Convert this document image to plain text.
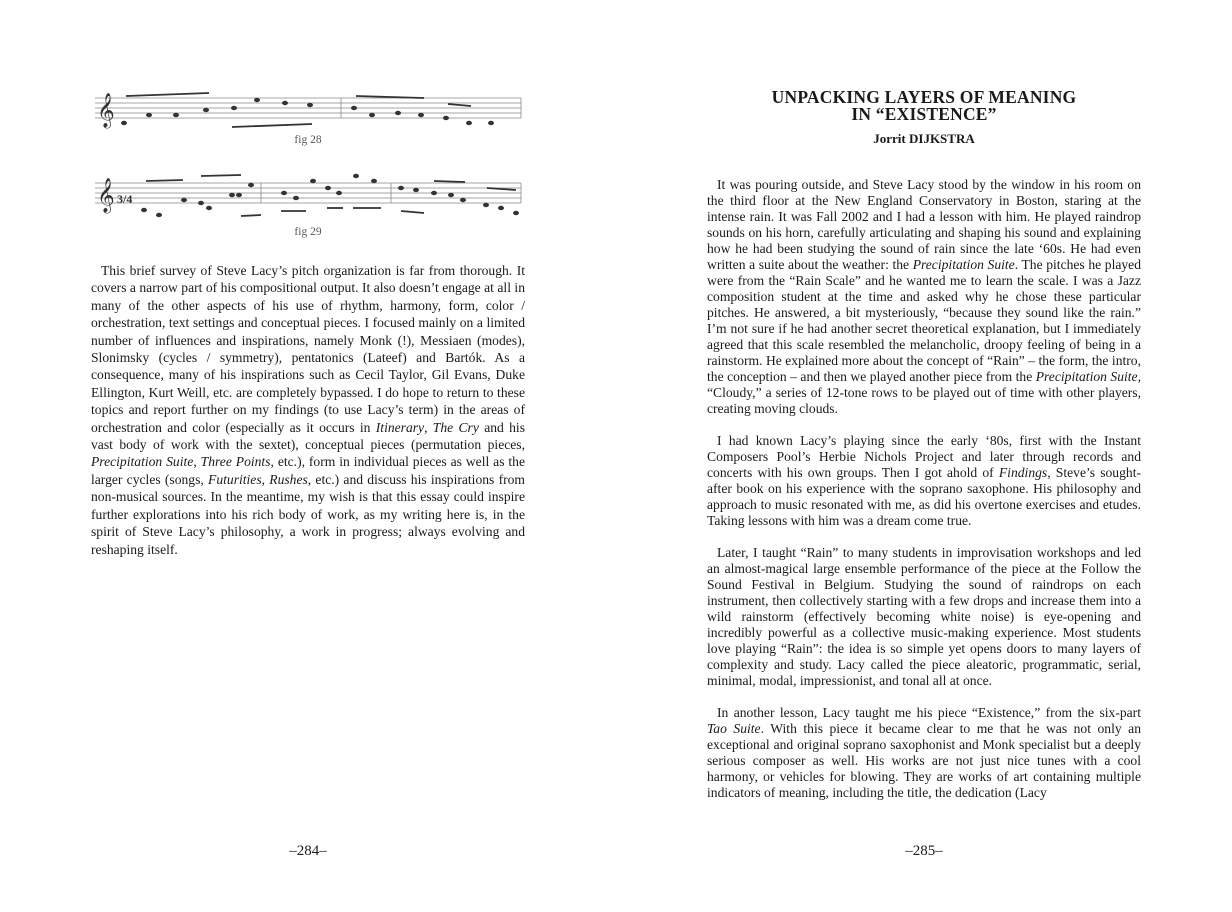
𝄞
fig 28
𝄞 3/4
fig 29

This brief survey of Steve Lacy’s pitch organization is far from thorough. It covers a narrow part of his compositional output. It also doesn’t engage at all in many of the other aspects of his use of rhythm, harmony, form, color / orchestration, text settings and conceptual pieces. I focused mainly on a limited number of influences and inspirations, namely Monk (!), Messiaen (modes), Slonimsky (cycles / symmetry), pentatonics (Lateef) and Bartók. As a consequence, many of his inspirations such as Cecil Taylor, Gil Evans, Duke Ellington, Kurt Weill, etc. are completely bypassed. I do hope to return to these topics and report further on my findings (to use Lacy’s term) in the areas of orchestration and color (especially as it occurs in Itinerary, The Cry and his vast body of work with the sextet), conceptual pieces (permutation pieces, Precipitation Suite, Three Points, etc.), form in individual pieces as well as the larger cycles (songs, Futurities, Rushes, etc.) and discuss his inspirations from non-musical sources. In the meantime, my wish is that this essay could inspire further explorations into his rich body of work, as my writing here is, in the spirit of Steve Lacy’s philosophy, a work in progress; always evolving and reshaping itself.

–284–
UNPACKING LAYERS OF MEANING
IN “EXISTENCE”
Jorrit DIJKSTRA

It was pouring outside, and Steve Lacy stood by the window in his room on the third floor at the New England Conservatory in Boston, staring at the intense rain. It was Fall 2002 and I had a lesson with him. He played raindrop sounds on his horn, carefully articulating and shaping his sound and explaining how he had been studying the sound of rain since the late ‘60s. He had even written a suite about the weather: the Precipitation Suite. The pitches he played were from the “Rain Scale” and he wanted me to learn the scale. I was a Jazz composition student at the time and asked why he chose these particular pitches. He answered, a bit mysteriously, “because they sound like the rain.” I’m not sure if he had another secret theoretical explanation, but I immediately agreed that this scale resembled the melancholic, droopy feeling of being in a rainstorm. He explained more about the concept of “Rain” – the form, the intro, the conception – and then we played another piece from the Precipitation Suite, “Cloudy,” a series of 12-tone rows to be played out of time with other players, creating moving clouds.

I had known Lacy’s playing since the early ‘80s, first with the Instant Composers Pool’s Herbie Nichols Project and later through records and concerts with his own groups. Then I got ahold of Findings, Steve’s sought-after book on his experience with the soprano saxophone. His philosophy and approach to music resonated with me, as did his overtone exercises and etudes. Taking lessons with him was a dream come true.

Later, I taught “Rain” to many students in improvisation workshops and led an almost-magical large ensemble performance of the piece at the Follow the Sound Festival in Belgium. Studying the sound of raindrops on each instrument, then collectively starting with a few drops and increase them into a wild rainstorm (effectively becoming white noise) is eye-opening and incredibly powerful as a collective music-making experience. Most students love playing “Rain”: the idea is so simple yet opens doors to many layers of complexity and study. Lacy called the piece aleatoric, programmatic, serial, minimal, modal, impressionist, and tonal all at once.

In another lesson, Lacy taught me his piece “Existence,” from the six-part Tao Suite. With this piece it became clear to me that he was not only an exceptional and original soprano saxophonist and Monk specialist but a deeply serious composer as well. His works are not just nice tunes with a cool harmony, or vehicles for blowing. They are works of art containing multiple indicators of meaning, including the title, the dedication (Lacy

–285–
